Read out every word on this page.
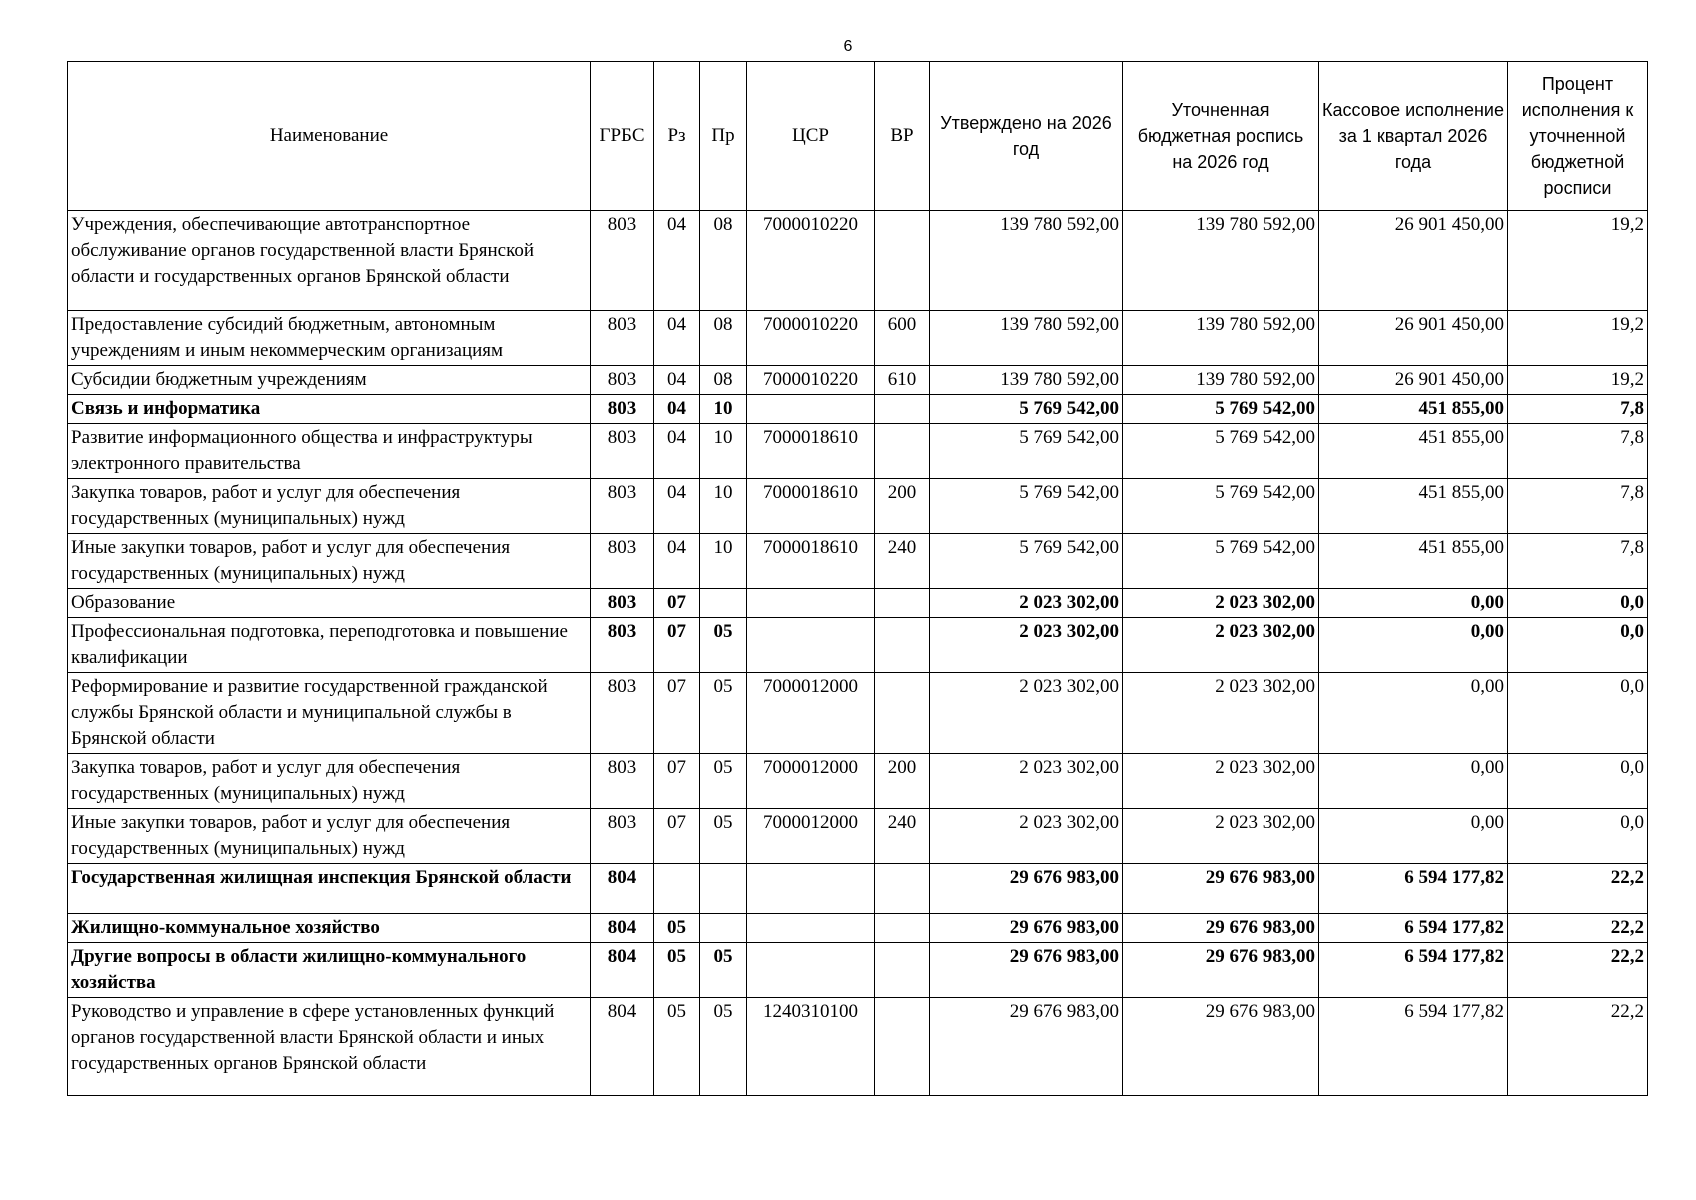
6
Наименование	ГРБС	Рз	Пр	ЦСР	ВР	Утверждено на 2026 год	Уточненная бюджетная роспись на 2026 год	Кассовое исполнение за 1 квартал 2026 года	Процент исполнения к уточненной бюджетной росписи
Учреждения, обеспечивающие автотранспортное обслуживание органов государственной власти Брянской области и государственных органов Брянской области	803	04	08	7000010220		139 780 592,00	139 780 592,00	26 901 450,00	19,2
Предоставление субсидий бюджетным, автономным учреждениям и иным некоммерческим организациям	803	04	08	7000010220	600	139 780 592,00	139 780 592,00	26 901 450,00	19,2
Субсидии бюджетным учреждениям	803	04	08	7000010220	610	139 780 592,00	139 780 592,00	26 901 450,00	19,2
Связь и информатика	803	04	10			5 769 542,00	5 769 542,00	451 855,00	7,8
Развитие информационного общества и инфраструктуры электронного правительства	803	04	10	7000018610		5 769 542,00	5 769 542,00	451 855,00	7,8
Закупка товаров, работ и услуг для обеспечения государственных (муниципальных) нужд	803	04	10	7000018610	200	5 769 542,00	5 769 542,00	451 855,00	7,8
Иные закупки товаров, работ и услуг для обеспечения государственных (муниципальных) нужд	803	04	10	7000018610	240	5 769 542,00	5 769 542,00	451 855,00	7,8
Образование	803	07				2 023 302,00	2 023 302,00	0,00	0,0
Профессиональная подготовка, переподготовка и повышение квалификации	803	07	05			2 023 302,00	2 023 302,00	0,00	0,0
Реформирование и развитие государственной гражданской службы Брянской области и муниципальной службы в Брянской области	803	07	05	7000012000		2 023 302,00	2 023 302,00	0,00	0,0
Закупка товаров, работ и услуг для обеспечения государственных (муниципальных) нужд	803	07	05	7000012000	200	2 023 302,00	2 023 302,00	0,00	0,0
Иные закупки товаров, работ и услуг для обеспечения государственных (муниципальных) нужд	803	07	05	7000012000	240	2 023 302,00	2 023 302,00	0,00	0,0
Государственная жилищная инспекция Брянской области	804					29 676 983,00	29 676 983,00	6 594 177,82	22,2
Жилищно-коммунальное хозяйство	804	05				29 676 983,00	29 676 983,00	6 594 177,82	22,2
Другие вопросы в области жилищно-коммунального хозяйства	804	05	05			29 676 983,00	29 676 983,00	6 594 177,82	22,2
Руководство и управление в сфере установленных функций органов государственной власти Брянской области и иных государственных органов Брянской области	804	05	05	1240310100		29 676 983,00	29 676 983,00	6 594 177,82	22,2
